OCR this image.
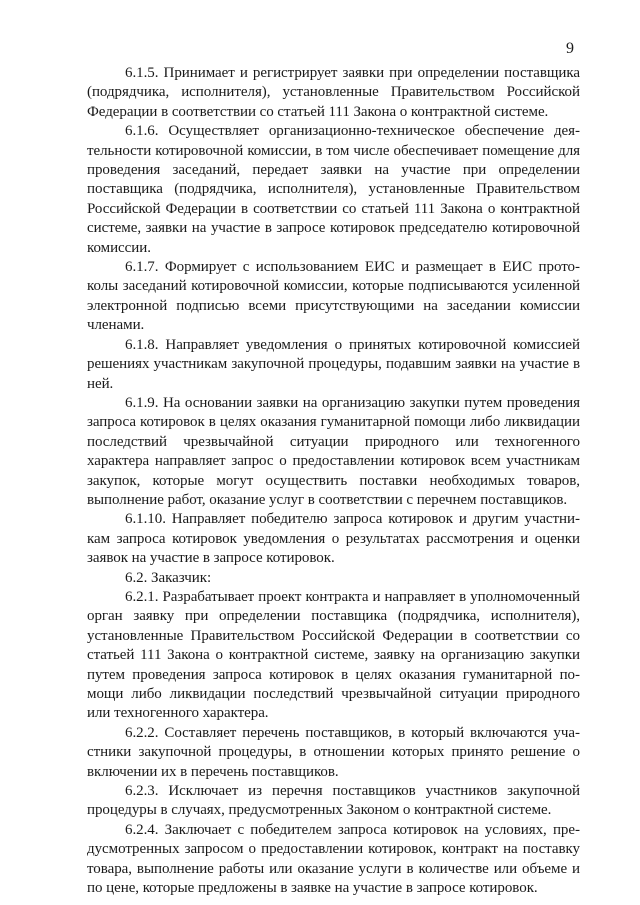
9

6.1.5. Принимает и регистрирует заявки при определении поставщика (подрядчика, исполнителя), установленные Правительством Российской Федерации в соответствии со статьей 111 Закона о контрактной системе.

6.1.6. Осуществляет организационно-техническое обеспечение деятельности котировочной комиссии, в том числе обеспечивает помещение для проведения заседаний, передает заявки на участие при определении поставщика (подрядчика, исполнителя), установленные Правительством Российской Федерации в соответствии со статьей 111 Закона о контрактной системе, заявки на участие в запросе котировок председателю котировочной комиссии.

6.1.7. Формирует с использованием ЕИС и размещает в ЕИС протоколы заседаний котировочной комиссии, которые подписываются усиленной электронной подписью всеми присутствующими на заседании комиссии членами.

6.1.8. Направляет уведомления о принятых котировочной комиссией решениях участникам закупочной процедуры, подавшим заявки на участие в ней.

6.1.9. На основании заявки на организацию закупки путем проведения запроса котировок в целях оказания гуманитарной помощи либо ликвидации последствий чрезвычайной ситуации природного или техногенного характера направляет запрос о предоставлении котировок всем участникам закупок, которые могут осуществить поставки необходимых товаров, выполнение работ, оказание услуг в соответствии с перечнем поставщиков.

6.1.10. Направляет победителю запроса котировок и другим участникам запроса котировок уведомления о результатах рассмотрения и оценки заявок на участие в запросе котировок.

6.2. Заказчик:

6.2.1. Разрабатывает проект контракта и направляет в уполномоченный орган заявку при определении поставщика (подрядчика, исполнителя), установленные Правительством Российской Федерации в соответствии со статьей 111 Закона о контрактной системе, заявку на организацию закупки путем проведения запроса котировок в целях оказания гуманитарной помощи либо ликвидации последствий чрезвычайной ситуации природного или техногенного характера.

6.2.2. Составляет перечень поставщиков, в который включаются участники закупочной процедуры, в отношении которых принято решение о включении их в перечень поставщиков.

6.2.3. Исключает из перечня поставщиков участников закупочной процедуры в случаях, предусмотренных Законом о контрактной системе.

6.2.4. Заключает с победителем запроса котировок на условиях, предусмотренных запросом о предоставлении котировок, контракт на поставку товара, выполнение работы или оказание услуги в количестве или объеме и по цене, которые предложены в заявке на участие в запросе котировок.
